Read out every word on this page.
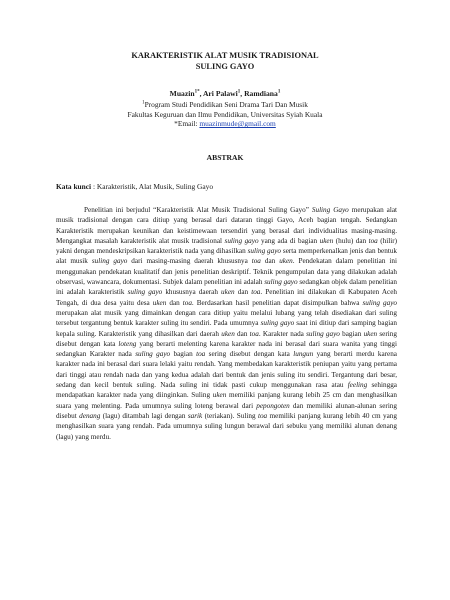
KARAKTERISTIK ALAT MUSIK TRADISIONAL
SULING GAYO
Muazin$^{1*}$, Ari Palawi$^1$, Ramdiana$^1$
$^1$Program Studi Pendidikan Seni Drama Tari Dan Musik
Fakultas Keguruan dan Ilmu Pendidikan, Universitas Syiah Kuala
*Email: muazinmude@gmail.com
ABSTRAK
Kata kunci : Karakteristik, Alat Musik, Suling Gayo

Penelitian ini berjudul “Karakteristik Alat Musik Tradisional Suling Gayo” Suling Gayo merupakan alat musik tradisional dengan cara ditiup yang berasal dari dataran tinggi Gayo, Aceh bagian tengah. Sedangkan Karakteristik merupakan keunikan dan keistimewaan tersendiri yang berasal dari individualitas masing-masing. Mengangkat masalah karakteristik alat musik tradisional suling gayo yang ada di bagian uken (hulu) dan toa (hilir) yakni dengan mendeskripsikan karakteristik nada yang dihasilkan suling gayo serta memperkenalkan jenis dan bentuk alat musik suling gayo dari masing-masing daerah khususnya toa dan uken. Pendekatan dalam penelitian ini menggunakan pendekatan kualitatif dan jenis penelitian deskriptif. Teknik pengumpulan data yang dilakukan adalah observasi, wawancara, dokumentasi. Subjek dalam penelitian ini adalah suling gayo sedangkan objek dalam penelitian ini adalah karakteristik suling gayo khususnya daerah uken dan toa. Penelitian ini dilakukan di Kabupaten Aceh Tengah, di dua desa yaitu desa uken dan toa. Berdasarkan hasil penelitian dapat disimpulkan bahwa suling gayo merupakan alat musik yang dimainkan dengan cara ditiup yaitu melalui lubang yang telah disediakan dari suling tersebut tergantung bentuk karakter suling itu sendiri. Pada umumnya suling gayo saat ini ditiup dari samping bagian kepala suling. Karakteristik yang dihasilkan dari daerah uken dan toa. Karakter nada suling gayo bagian uken sering disebut dengan kata loteng yang berarti melenting karena karakter nada ini berasal dari suara wanita yang tinggi sedangkan Karakter nada suling gayo bagian toa sering disebut dengan kata lungun yang berarti merdu karena karakter nada ini berasal dari suara lelaki yaitu rendah. Yang membedakan karakteristik peniupan yaitu yang pertama dari tinggi atau rendah nada dan yang kedua adalah dari bentuk dan jenis suling itu sendiri. Tergantung dari besar, sedang dan kecil bentuk suling. Nada suling ini tidak pasti cukup menggunakan rasa atau feeling sehingga mendapatkan karakter nada yang diinginkan. Suling uken memiliki panjang kurang lebih 25 cm dan menghasilkan suara yang melenting. Pada umumnya suling loteng berawal dari pepongoten dan memiliki alunan-alunan sering disebut denang (lagu) ditambah lagi dengan sarik (teriakan). Suling toa memiliki panjang kurang lebih 40 cm yang menghasilkan suara yang rendah. Pada umumnya suling lungun berawal dari sebuku yang memiliki alunan denang (lagu) yang merdu.
